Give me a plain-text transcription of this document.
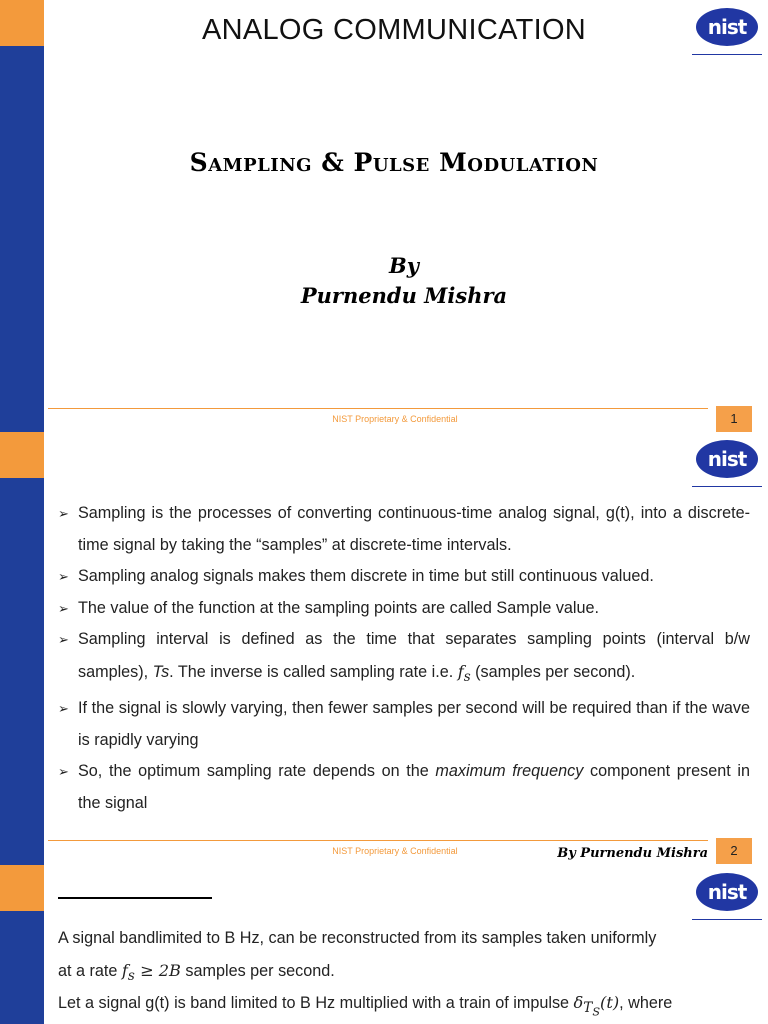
nist
ANALOG COMMUNICATION
Sampling & Pulse Modulation
By
Purnendu Mishra
NIST Proprietary & Confidential	1
nist
➢ Sampling is the processes of converting continuous-time analog signal, g(t), into a discrete-time signal by taking the “samples” at discrete-time intervals.
➢ Sampling analog signals makes them discrete in time but still continuous valued.
➢ The value of the function at the sampling points are called Sample value.
➢ Sampling interval is defined as the time that separates sampling points (interval b/w samples), Ts. The inverse is called sampling rate i.e. $f_s$ (samples per second).
➢ If the signal is slowly varying, then fewer samples per second will be required than if the wave is rapidly varying
➢ So, the optimum sampling rate depends on the maximum frequency component present in the signal
NIST Proprietary & Confidential	By Purnendu Mishra	2
nist
A signal bandlimited to B Hz, can be reconstructed from its samples taken uniformly
at a rate $f_s \ge 2B$ samples per second.
Let a signal g(t) is band limited to B Hz multiplied with a train of impulse $\delta_{T_S}(t)$, where
